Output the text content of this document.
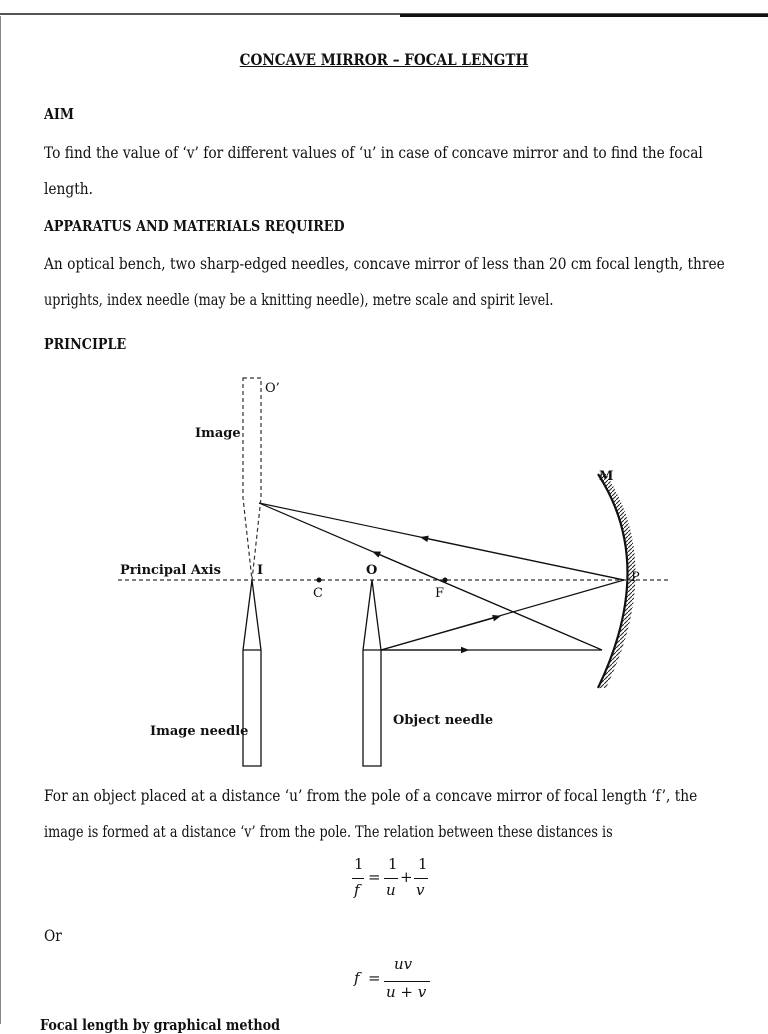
CONCAVE MIRROR – FOCAL LENGTH
AIM
To find the value of ‘v’ for different values of ‘u’ in case of concave mirror and to find the focal
length.
APPARATUS AND MATERIALS REQUIRED
An optical bench, two sharp-edged needles, concave mirror of less than 20 cm focal length, three
uprights, index needle (may be a knitting needle), metre scale and spirit level.
PRINCIPLE
O’
Image
M
Principal Axis	I	O
C	F
P
Image needle
Object needle
For an object placed at a distance ‘u’ from the pole of a concave mirror of focal length ‘f’, the
image is formed at a distance ‘v’ from the pole. The relation between these distances is
1
f
=
1
u
+
1
v
Or
f =
uv
u + v
Focal length by graphical method
